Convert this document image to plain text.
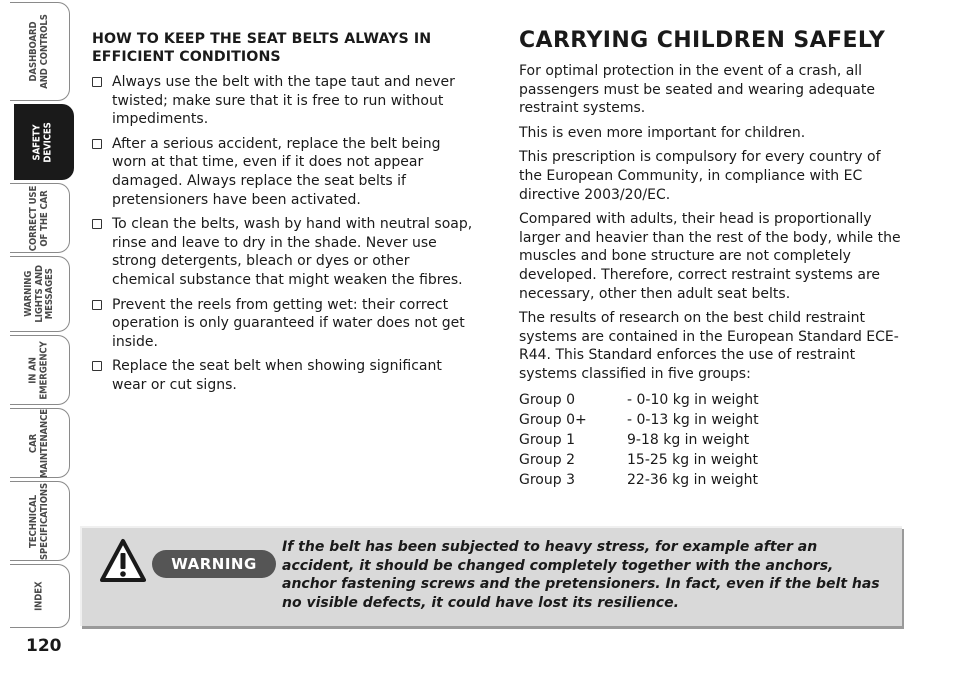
DASHBOARD
AND CONTROLS
SAFETY
DEVICES
CORRECT USE
OF THE CAR
WARNING
LIGHTS AND
MESSAGES
IN AN
EMERGENCY
CAR
MAINTENANCE
TECHNICAL
SPECIFICATIONS
INDEX
120
HOW TO KEEP THE SEAT BELTS ALWAYS IN EFFICIENT CONDITIONS
Always use the belt with the tape taut and never twisted; make sure that it is free to run without impediments.
After a serious accident, replace the belt being worn at that time, even if it does not appear damaged. Always replace the seat belts if pretensioners have been activated.
To clean the belts, wash by hand with neutral soap, rinse and leave to dry in the shade. Never use strong detergents, bleach or dyes or other chemical substance that might weaken the fibres.
Prevent the reels from getting wet: their correct operation is only guaranteed if water does not get inside.
Replace the seat belt when showing significant wear or cut signs.
CARRYING CHILDREN SAFELY

For optimal protection in the event of a crash, all passengers must be seated and wearing adequate restraint systems.

This is even more important for children.

This prescription is compulsory for every country of the European Community, in compliance with EC directive 2003/20/EC.

Compared with adults, their head is proportionally larger and heavier than the rest of the body, while the muscles and bone structure are not completely developed. Therefore, correct restraint systems are necessary, other then adult seat belts.

The results of research on the best child restraint systems are contained in the European Standard ECE-R44. This Standard enforces the use of restraint systems classified in five groups:

Group 0	- 0-10 kg in weight
Group 0+	- 0-13 kg in weight
Group 1	9-18 kg in weight
Group 2	15-25 kg in weight
Group 3	22-36 kg in weight
WARNING
If the belt has been subjected to heavy stress, for example after an accident, it should be changed completely together with the anchors, anchor fastening screws and the pretensioners. In fact, even if the belt has no visible defects, it could have lost its resilience.
